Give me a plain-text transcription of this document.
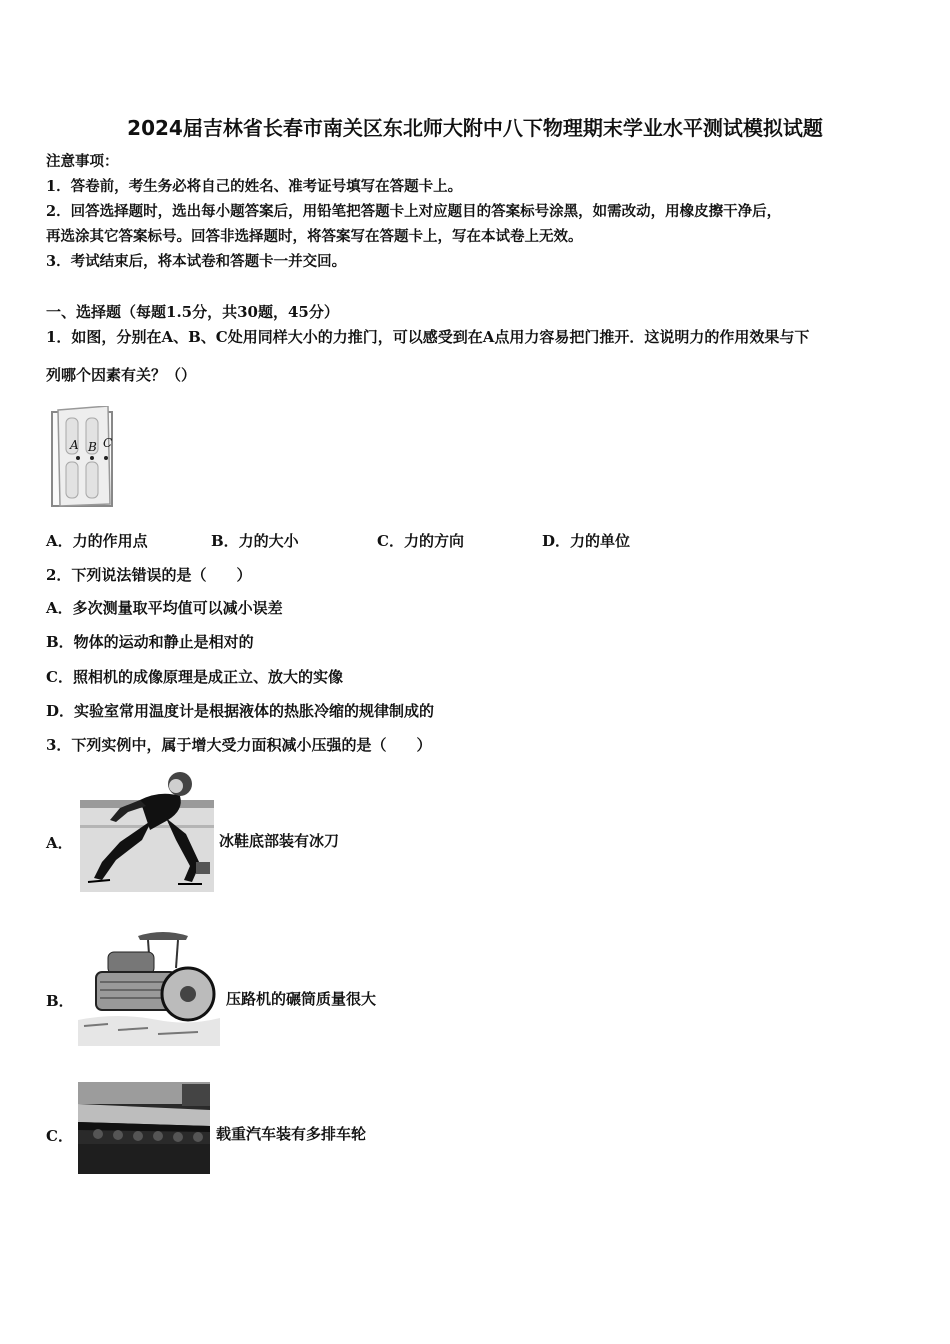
2024届吉林省长春市南关区东北师大附中八下物理期末学业水平测试模拟试题
注意事项：
1．答卷前，考生务必将自己的姓名、准考证号填写在答题卡上。
2．回答选择题时，选出每小题答案后，用铅笔把答题卡上对应题目的答案标号涂黑，如需改动，用橡皮擦干净后，
再选涂其它答案标号。回答非选择题时，将答案写在答题卡上，写在本试卷上无效。
3．考试结束后，将本试卷和答题卡一并交回。
一、选择题（每题1.5分，共30题，45分）
1．如图，分别在A、B、C处用同样大小的力推门，可以感受到在A点用力容易把门推开．这说明力的作用效果与下
列哪个因素有关？（）
A B C
A．力的作用点	B．力的大小	C．力的方向	D．力的单位
2．下列说法错误的是（　　）
A．多次测量取平均值可以减小误差
B．物体的运动和静止是相对的
C．照相机的成像原理是成正立、放大的实像
D．实验室常用温度计是根据液体的热胀冷缩的规律制成的
3．下列实例中，属于增大受力面积减小压强的是（　　）
A．	冰鞋底部装有冰刀
B．	压路机的碾筒质量很大
C．	载重汽车装有多排车轮
